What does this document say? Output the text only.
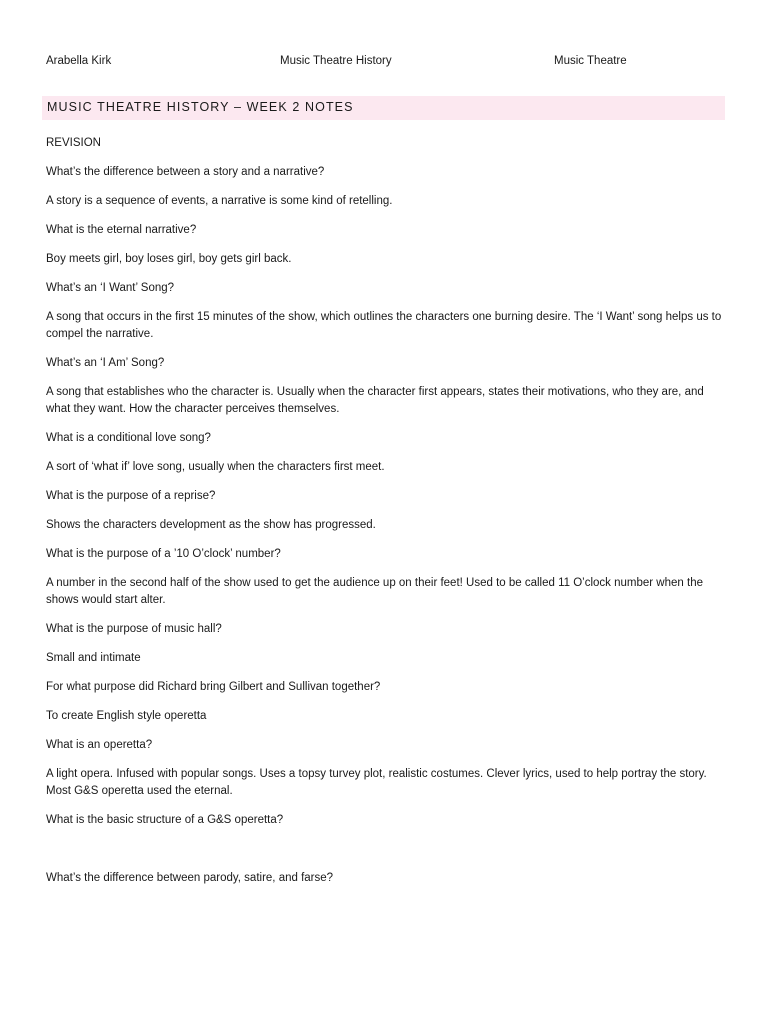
Arabella Kirk	Music Theatre History	Music Theatre
MUSIC THEATRE HISTORY – WEEK 2 NOTES

REVISION

What’s the difference between a story and a narrative?

A story is a sequence of events, a narrative is some kind of retelling.

What is the eternal narrative?

Boy meets girl, boy loses girl, boy gets girl back.

What’s an ‘I Want’ Song?

A song that occurs in the first 15 minutes of the show, which outlines the characters one burning desire. The ‘I Want’ song helps us to compel the narrative.

What’s an ‘I Am’ Song?

A song that establishes who the character is. Usually when the character first appears, states their motivations, who they are, and what they want. How the character perceives themselves.

What is a conditional love song?

A sort of ‘what if’ love song, usually when the characters first meet.

What is the purpose of a reprise?

Shows the characters development as the show has progressed.

What is the purpose of a ’10 O’clock’ number?

A number in the second half of the show used to get the audience up on their feet! Used to be called 11 O’clock number when the shows would start alter.

What is the purpose of music hall?

Small and intimate

For what purpose did Richard bring Gilbert and Sullivan together?

To create English style operetta

What is an operetta?

A light opera. Infused with popular songs. Uses a topsy turvey plot, realistic costumes. Clever lyrics, used to help portray the story. Most G&S operetta used the eternal.

What is the basic structure of a G&S operetta?

What’s the difference between parody, satire, and farse?
